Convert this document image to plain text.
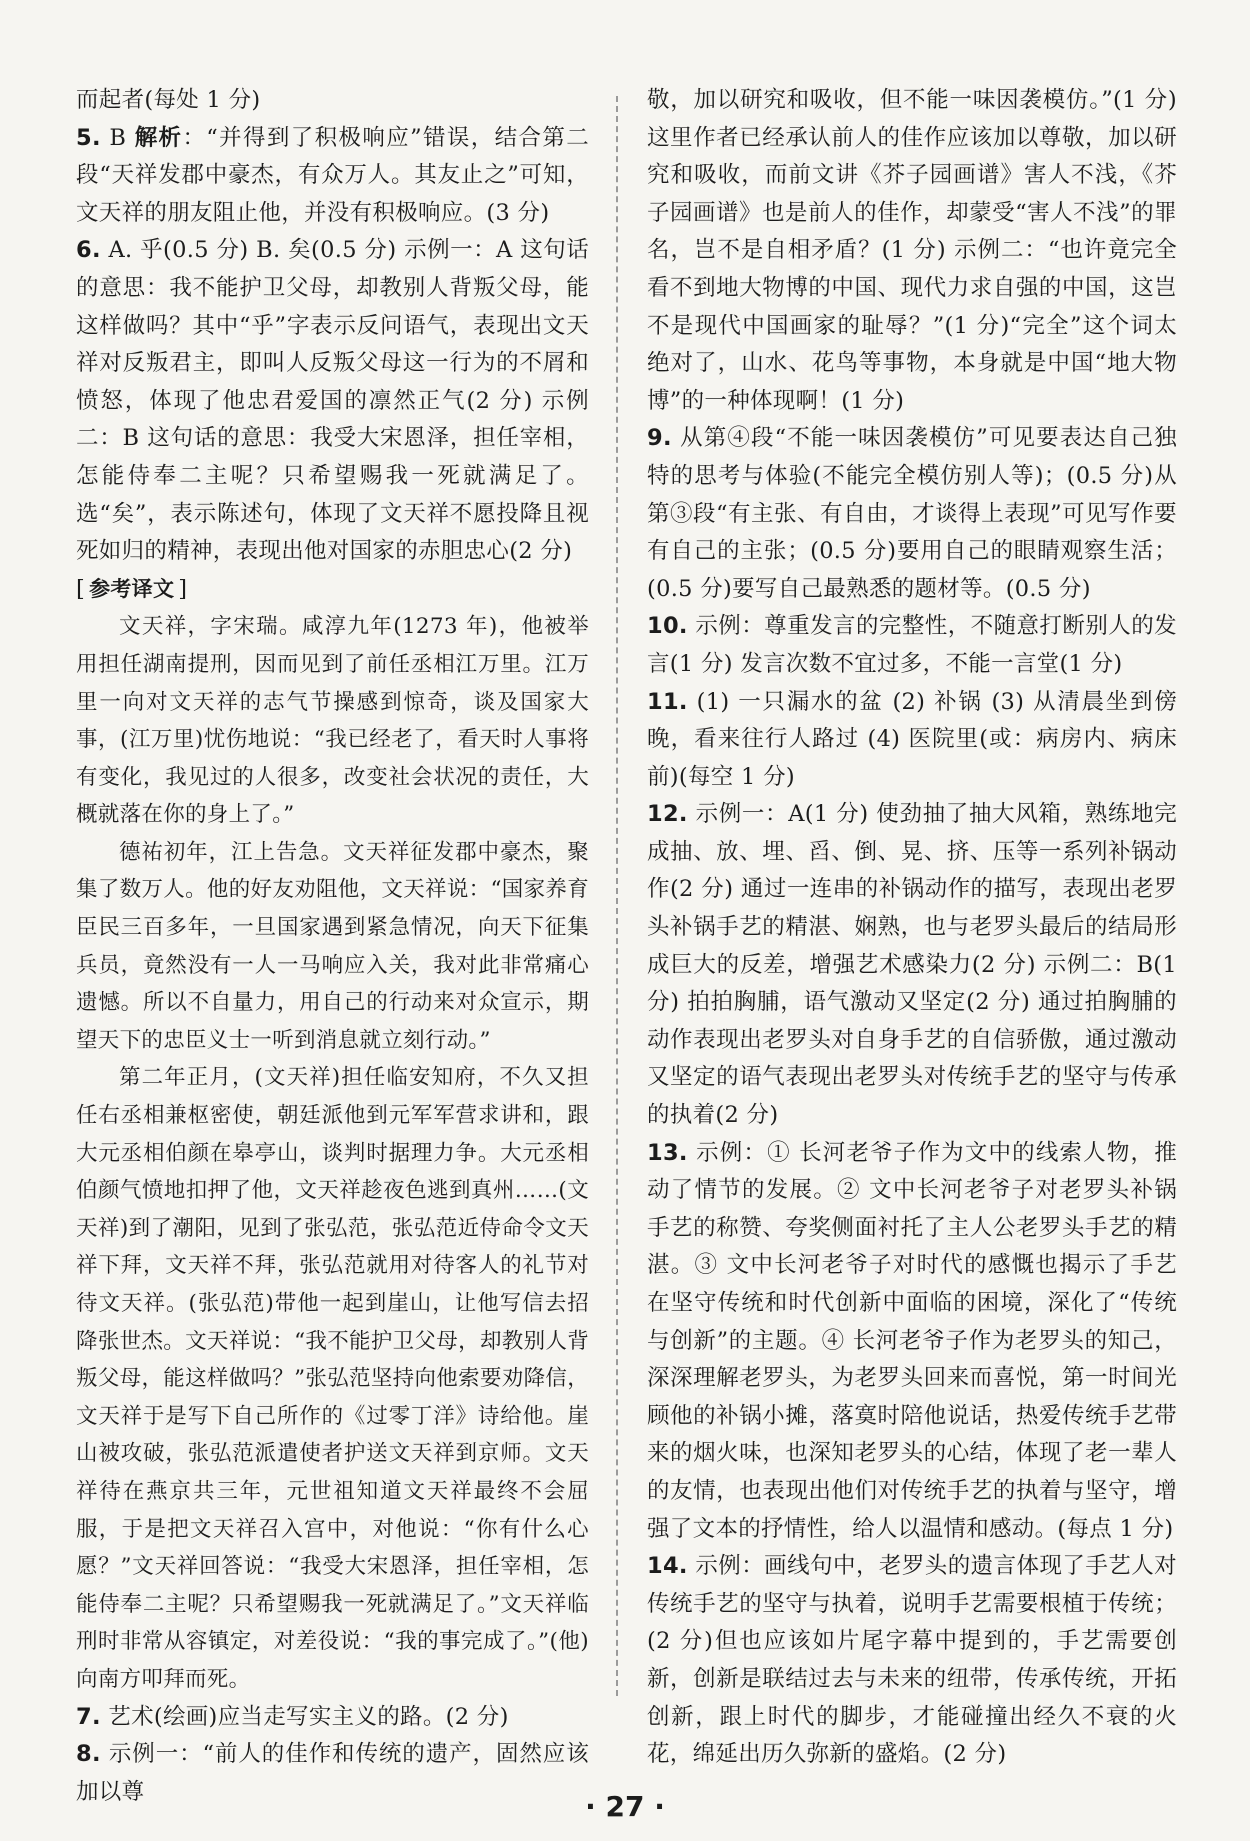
而起者(每处 1 分)

5. B 解析：“并得到了积极响应”错误，结合第二段“天祥发郡中豪杰，有众万人。其友止之”可知，文天祥的朋友阻止他，并没有积极响应。(3 分)

6. A. 乎(0.5 分) B. 矣(0.5 分) 示例一：A 这句话的意思：我不能护卫父母，却教别人背叛父母，能这样做吗？其中“乎”字表示反问语气，表现出文天祥对反叛君主，即叫人反叛父母这一行为的不屑和愤怒，体现了他忠君爱国的凛然正气(2 分) 示例二：B 这句话的意思：我受大宋恩泽，担任宰相，怎能侍奉二主呢？只希望赐我一死就满足了。选“矣”，表示陈述句，体现了文天祥不愿投降且视死如归的精神，表现出他对国家的赤胆忠心(2 分)

[ 参考译文 ]

文天祥，字宋瑞。咸淳九年(1273 年)，他被举用担任湖南提刑，因而见到了前任丞相江万里。江万里一向对文天祥的志气节操感到惊奇，谈及国家大事，(江万里)忧伤地说：“我已经老了，看天时人事将有变化，我见过的人很多，改变社会状况的责任，大概就落在你的身上了。”

德祐初年，江上告急。文天祥征发郡中豪杰，聚集了数万人。他的好友劝阻他，文天祥说：“国家养育臣民三百多年，一旦国家遇到紧急情况，向天下征集兵员，竟然没有一人一马响应入关，我对此非常痛心遗憾。所以不自量力，用自己的行动来对众宣示，期望天下的忠臣义士一听到消息就立刻行动。”

第二年正月，(文天祥)担任临安知府，不久又担任右丞相兼枢密使，朝廷派他到元军军营求讲和，跟大元丞相伯颜在皋亭山，谈判时据理力争。大元丞相伯颜气愤地扣押了他，文天祥趁夜色逃到真州……(文天祥)到了潮阳，见到了张弘范，张弘范近侍命令文天祥下拜，文天祥不拜，张弘范就用对待客人的礼节对待文天祥。(张弘范)带他一起到崖山，让他写信去招降张世杰。文天祥说：“我不能护卫父母，却教别人背叛父母，能这样做吗？”张弘范坚持向他索要劝降信，文天祥于是写下自己所作的《过零丁洋》诗给他。崖山被攻破，张弘范派遣使者护送文天祥到京师。文天祥待在燕京共三年，元世祖知道文天祥最终不会屈服，于是把文天祥召入宫中，对他说：“你有什么心愿？”文天祥回答说：“我受大宋恩泽，担任宰相，怎能侍奉二主呢？只希望赐我一死就满足了。”文天祥临刑时非常从容镇定，对差役说：“我的事完成了。”(他)向南方叩拜而死。

7. 艺术(绘画)应当走写实主义的路。(2 分)

8. 示例一：“前人的佳作和传统的遗产，固然应该加以尊

敬，加以研究和吸收，但不能一味因袭模仿。”(1 分)这里作者已经承认前人的佳作应该加以尊敬，加以研究和吸收，而前文讲《芥子园画谱》害人不浅，《芥子园画谱》也是前人的佳作，却蒙受“害人不浅”的罪名，岂不是自相矛盾？(1 分) 示例二：“也许竟完全看不到地大物博的中国、现代力求自强的中国，这岂不是现代中国画家的耻辱？”(1 分)“完全”这个词太绝对了，山水、花鸟等事物，本身就是中国“地大物博”的一种体现啊！(1 分)

9. 从第④段“不能一味因袭模仿”可见要表达自己独特的思考与体验(不能完全模仿别人等)；(0.5 分)从第③段“有主张、有自由，才谈得上表现”可见写作要有自己的主张；(0.5 分)要用自己的眼睛观察生活；(0.5 分)要写自己最熟悉的题材等。(0.5 分)

10. 示例：尊重发言的完整性，不随意打断别人的发言(1 分) 发言次数不宜过多，不能一言堂(1 分)

11. (1) 一只漏水的盆 (2) 补锅 (3) 从清晨坐到傍晚，看来往行人路过 (4) 医院里(或：病房内、病床前)(每空 1 分)

12. 示例一：A(1 分) 使劲抽了抽大风箱，熟练地完成抽、放、埋、舀、倒、晃、挤、压等一系列补锅动作(2 分) 通过一连串的补锅动作的描写，表现出老罗头补锅手艺的精湛、娴熟，也与老罗头最后的结局形成巨大的反差，增强艺术感染力(2 分) 示例二：B(1 分) 拍拍胸脯，语气激动又坚定(2 分) 通过拍胸脯的动作表现出老罗头对自身手艺的自信骄傲，通过激动又坚定的语气表现出老罗头对传统手艺的坚守与传承的执着(2 分)

13. 示例：① 长河老爷子作为文中的线索人物，推动了情节的发展。② 文中长河老爷子对老罗头补锅手艺的称赞、夸奖侧面衬托了主人公老罗头手艺的精湛。③ 文中长河老爷子对时代的感慨也揭示了手艺在坚守传统和时代创新中面临的困境，深化了“传统与创新”的主题。④ 长河老爷子作为老罗头的知己，深深理解老罗头，为老罗头回来而喜悦，第一时间光顾他的补锅小摊，落寞时陪他说话，热爱传统手艺带来的烟火味，也深知老罗头的心结，体现了老一辈人的友情，也表现出他们对传统手艺的执着与坚守，增强了文本的抒情性，给人以温情和感动。(每点 1 分)

14. 示例：画线句中，老罗头的遗言体现了手艺人对传统手艺的坚守与执着，说明手艺需要根植于传统；(2 分)但也应该如片尾字幕中提到的，手艺需要创新，创新是联结过去与未来的纽带，传承传统，开拓创新，跟上时代的脚步，才能碰撞出经久不衰的火花，绵延出历久弥新的盛焰。(2 分)

· 27 ·
